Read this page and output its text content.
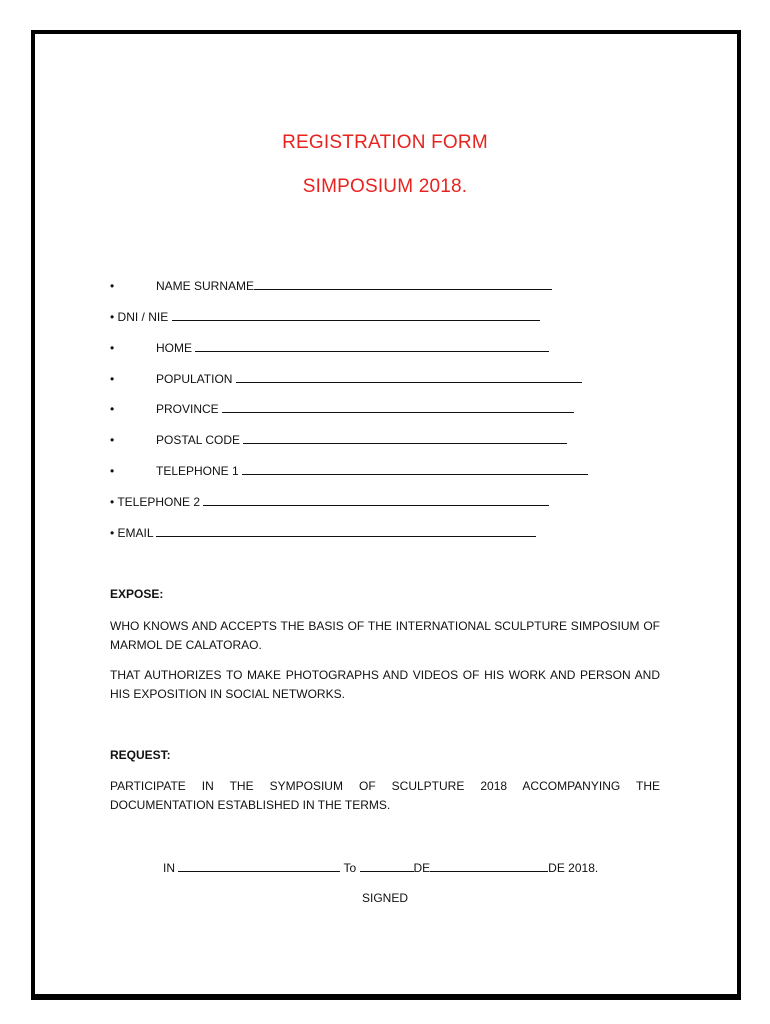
REGISTRATION FORM
SIMPOSIUM 2018.
•	NAME SURNAME
• DNI / NIE
•	HOME
•	POPULATION
•	PROVINCE
•	POSTAL CODE
•	TELEPHONE 1
• TELEPHONE 2
• EMAIL
EXPOSE:
WHO KNOWS AND ACCEPTS THE BASIS OF THE INTERNATIONAL SCULPTURE SIMPOSIUM OF MARMOL DE CALATORAO.
THAT AUTHORIZES TO MAKE PHOTOGRAPHS AND VIDEOS OF HIS WORK AND PERSON AND HIS EXPOSITION IN SOCIAL NETWORKS.
REQUEST:
PARTICIPATE IN THE SYMPOSIUM OF SCULPTURE 2018 ACCOMPANYING THE DOCUMENTATION ESTABLISHED IN THE TERMS.
IN	To	DE	DE 2018.
SIGNED
